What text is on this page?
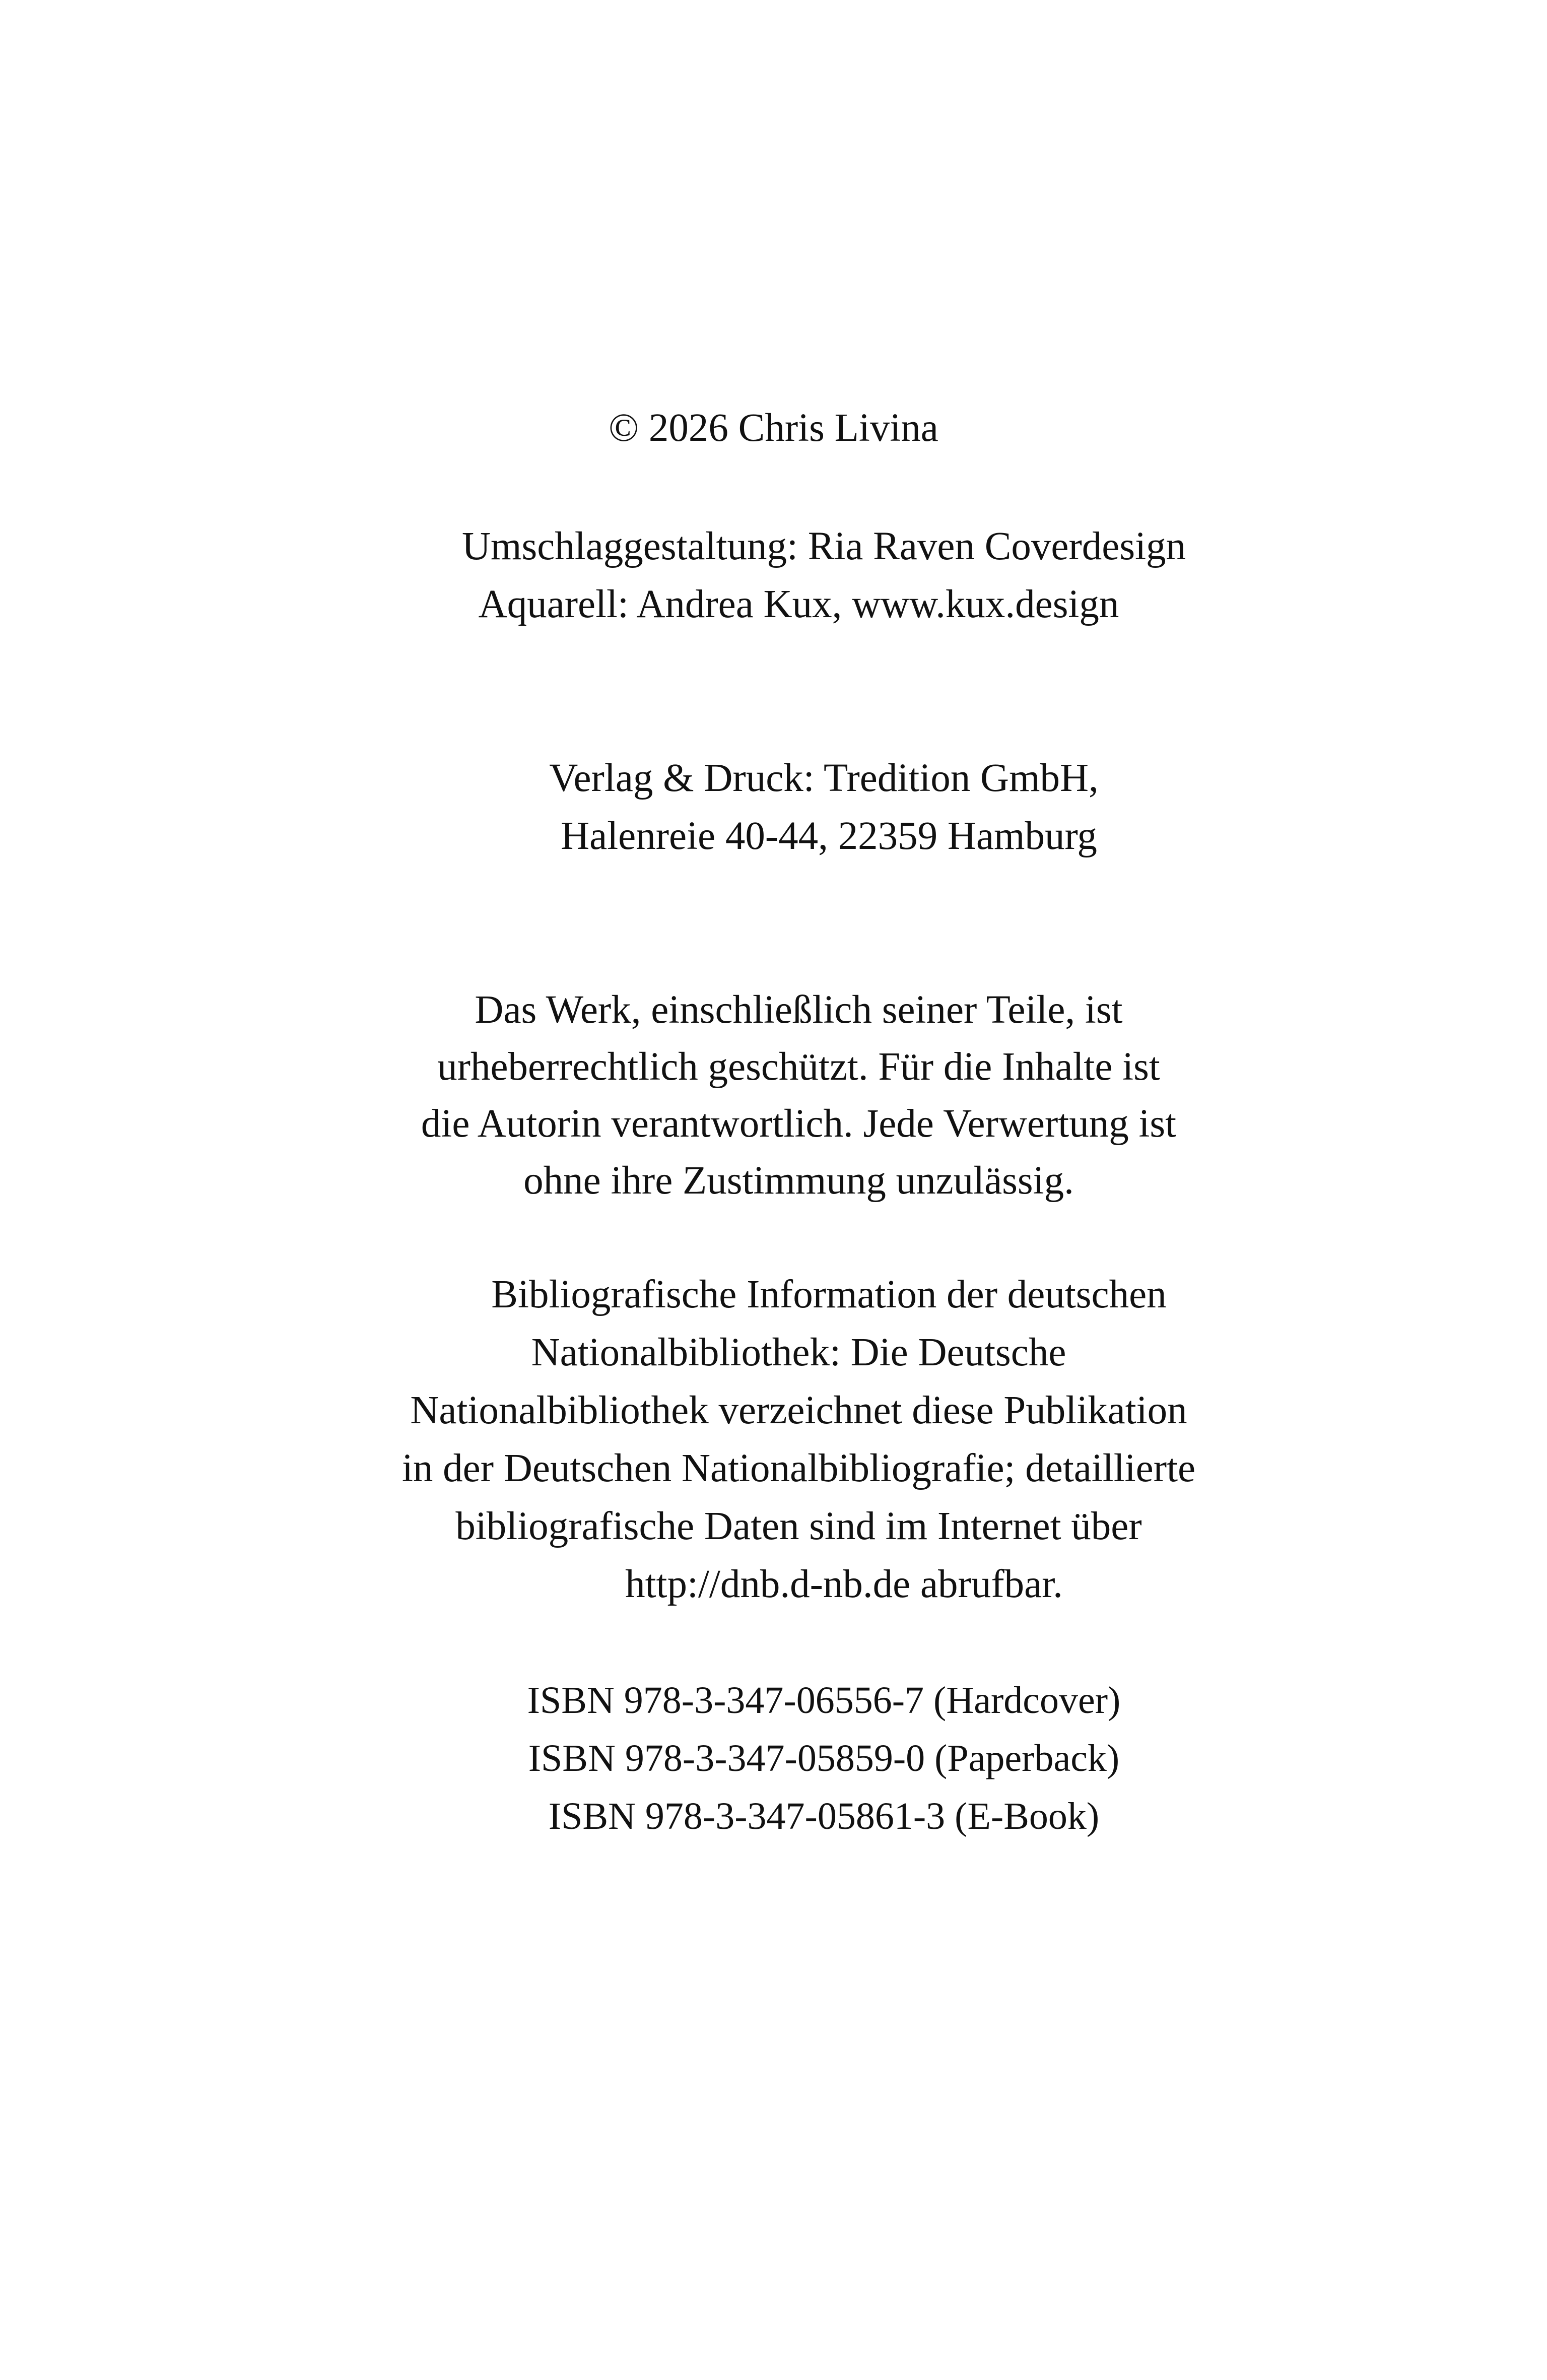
© 2026 Chris Livina
Umschlaggestaltung: Ria Raven Coverdesign
Aquarell: Andrea Kux, www.kux.design
Verlag & Druck: Tredition GmbH,
Halenreie 40-44, 22359 Hamburg
Das Werk, einschließlich seiner Teile, ist
urheberrechtlich geschützt. Für die Inhalte ist
die Autorin verantwortlich. Jede Verwertung ist
ohne ihre Zustimmung unzulässig.
Bibliografische Information der deutschen
Nationalbibliothek: Die Deutsche
Nationalbibliothek verzeichnet diese Publikation
in der Deutschen Nationalbibliografie; detaillierte
bibliografische Daten sind im Internet über
http://dnb.d-nb.de abrufbar.
ISBN 978-3-347-06556-7 (Hardcover)
ISBN 978-3-347-05859-0 (Paperback)
ISBN 978-3-347-05861-3 (E-Book)
